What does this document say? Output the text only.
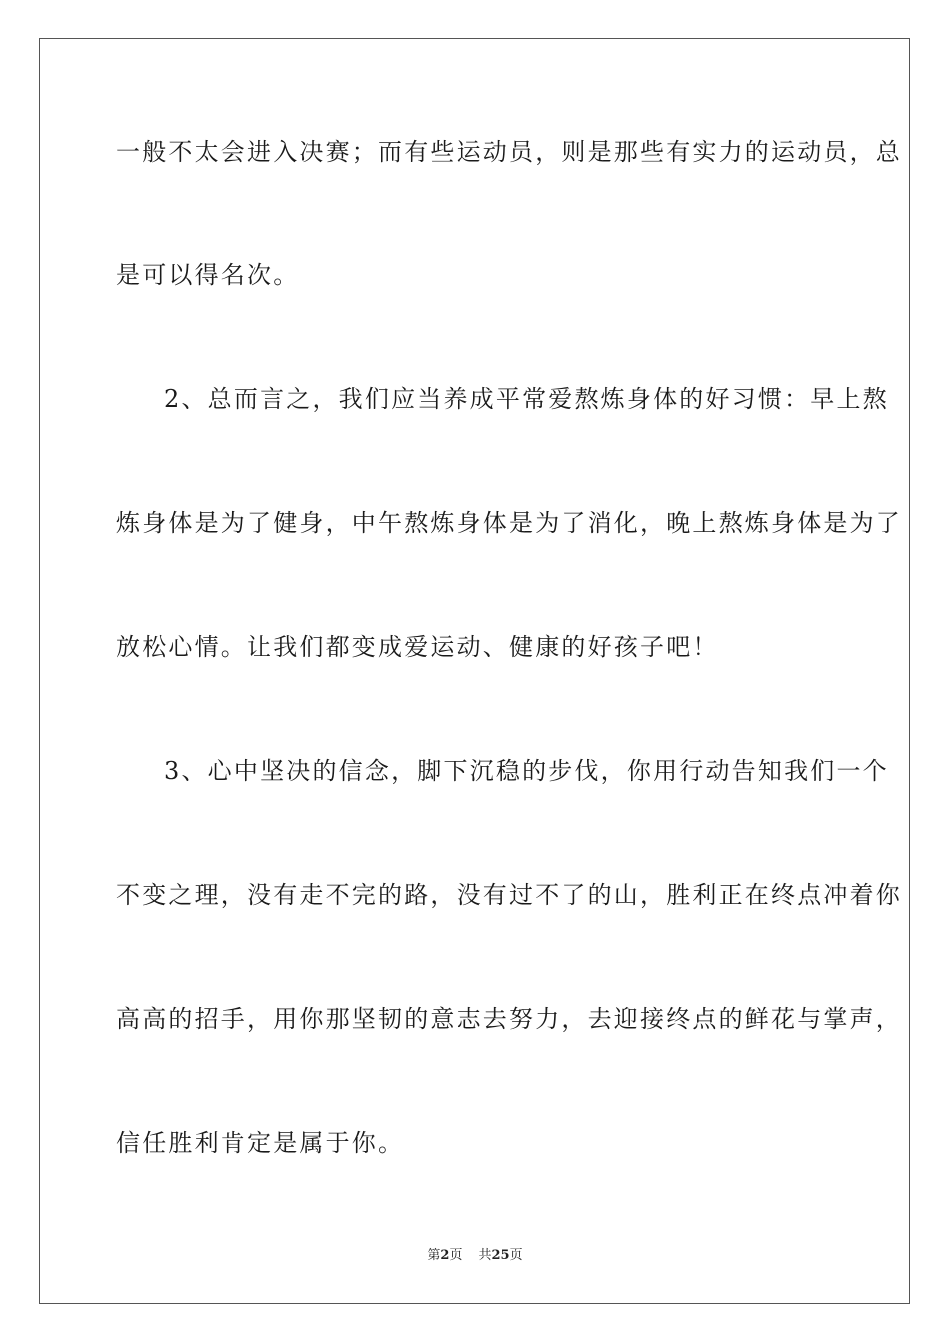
一般不太会进入决赛；而有些运动员，则是那些有实力的运动员，总
是可以得名次。
2、总而言之，我们应当养成平常爱熬炼身体的好习惯：早上熬
炼身体是为了健身，中午熬炼身体是为了消化，晚上熬炼身体是为了
放松心情。让我们都变成爱运动、健康的好孩子吧！
3、心中坚决的信念，脚下沉稳的步伐，你用行动告知我们一个
不变之理，没有走不完的路，没有过不了的山，胜利正在终点冲着你
高高的招手，用你那坚韧的意志去努力，去迎接终点的鲜花与掌声，
信任胜利肯定是属于你。
第2页 共25页
